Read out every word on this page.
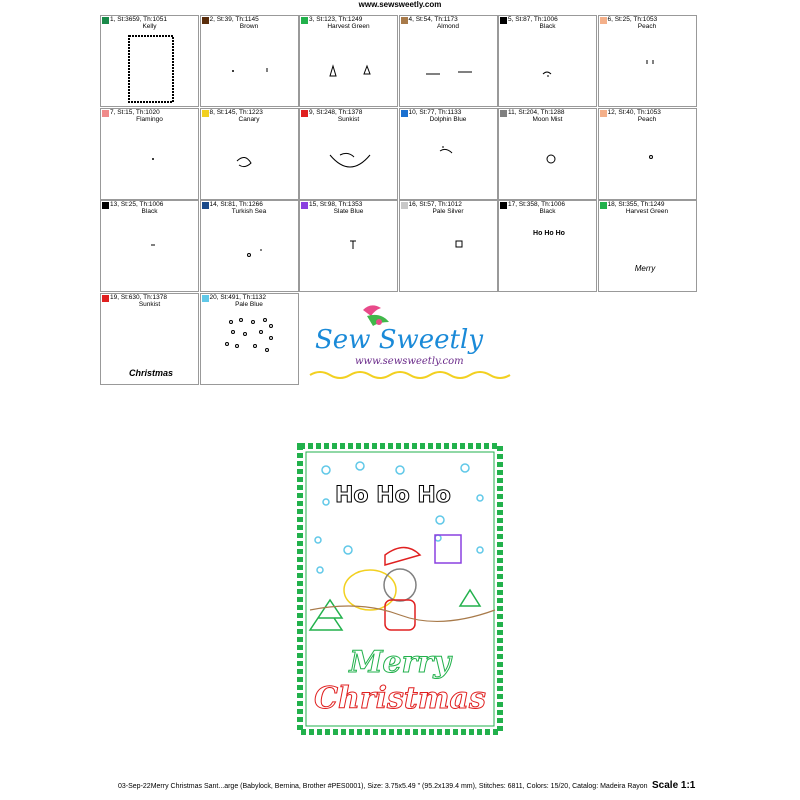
www.sewsweetly.com
1, St:3659, Th:1051
Kelly
2, St:39, Th:1145
Brown
3, St:123, Th:1249
Harvest Green
4, St:54, Th:1173
Almond
5, St:87, Th:1006
Black
6, St:25, Th:1053
Peach
7, St:15, Th:1020
Flamingo
8, St:145, Th:1223
Canary
9, St:248, Th:1378
Sunkist
10, St:77, Th:1133
Dolphin Blue
11, St:204, Th:1288
Moon Mist
12, St:40, Th:1053
Peach
13, St:25, Th:1006
Black
14, St:81, Th:1266
Turkish Sea
15, St:98, Th:1353
Slate Blue
16, St:57, Th:1012
Pale Silver
Ho Ho Ho
17, St:358, Th:1006
Black
Merry
18, St:355, Th:1249
Harvest Green
Christmas
19, St:630, Th:1378
Sunkist
20, St:491, Th:1132
Pale Blue
Sew Sweetly
www.sewsweetly.com
Ho Ho Ho
Merry
Christmas
03-Sep-22Merry Christmas Sant...arge (Babylock, Bernina, Brother #PES0001), Size: 3.75x5.49 " (95.2x139.4 mm), Stitches: 6811, Colors: 15/20, Catalog: Madeira Rayon Scale 1:1
